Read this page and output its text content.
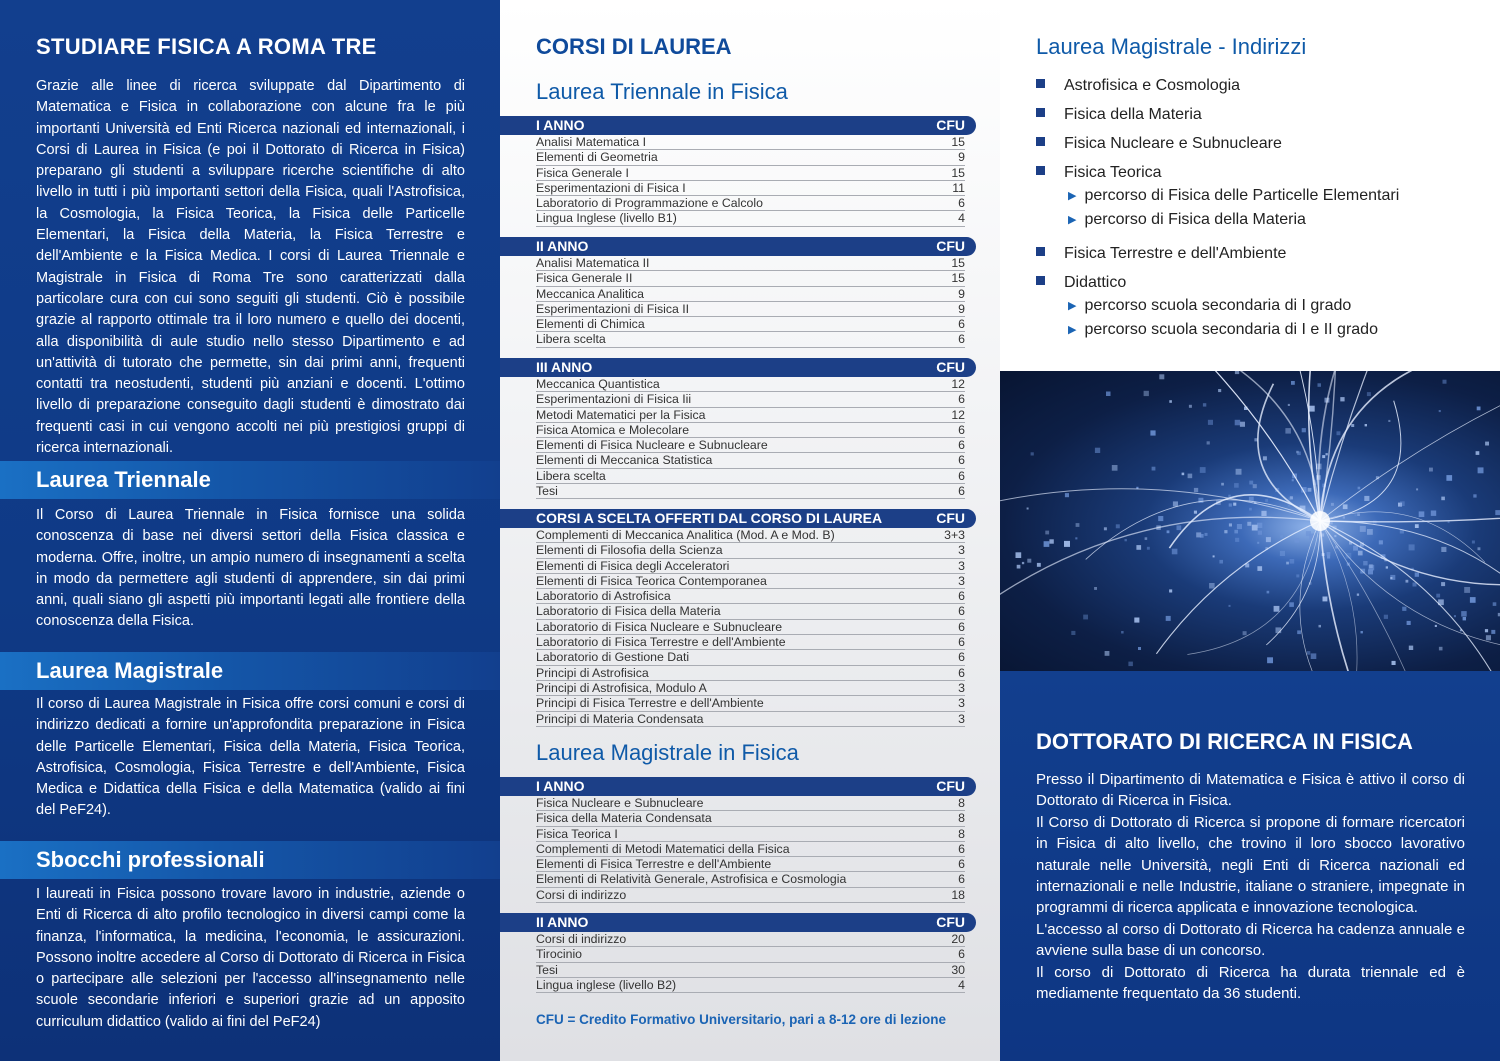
STUDIARE FISICA A ROMA TRE

Grazie alle linee di ricerca sviluppate dal Dipartimento di Matematica e Fisica in collaborazione con alcune fra le più importanti Università ed Enti Ricerca nazionali ed internazionali, i Corsi di Laurea in Fisica (e poi il Dottorato di Ricerca in Fisica) preparano gli studenti a sviluppare ricerche scientifiche di alto livello in tutti i più importanti settori della Fisica, quali l'Astrofisica, la Cosmologia, la Fisica Teorica, la Fisica delle Particelle Elementari, la Fisica della Materia, la Fisica Terrestre e dell'Ambiente e la Fisica Medica. I corsi di Laurea Triennale e Magistrale in Fisica di Roma Tre sono caratterizzati dalla particolare cura con cui sono seguiti gli studenti. Ciò è possibile grazie al rapporto ottimale tra il loro numero e quello dei docenti, alla disponibilità di aule studio nello stesso Dipartimento e ad un'attività di tutorato che permette, sin dai primi anni, frequenti contatti tra neostudenti, studenti più anziani e docenti. L'ottimo livello di preparazione conseguito dagli studenti è dimostrato dai frequenti casi in cui vengono accolti nei più prestigiosi gruppi di ricerca internazionali.

Laurea Triennale

Il Corso di Laurea Triennale in Fisica fornisce una solida conoscenza di base nei diversi settori della Fisica classica e moderna. Offre, inoltre, un ampio numero di insegnamenti a scelta in modo da permettere agli studenti di apprendere, sin dai primi anni, quali siano gli aspetti più importanti legati alle frontiere della conoscenza della Fisica.

Laurea Magistrale

Il corso di Laurea Magistrale in Fisica offre corsi comuni e corsi di indirizzo dedicati a fornire un'approfondita preparazione in Fisica delle Particelle Elementari, Fisica della Materia, Fisica Teorica, Astrofisica, Cosmologia, Fisica Terrestre e dell'Ambiente, Fisica Medica e Didattica della Fisica e della Matematica (valido ai fini del PeF24).

Sbocchi professionali

I laureati in Fisica possono trovare lavoro in industrie, aziende o Enti di Ricerca di alto profilo tecnologico in diversi campi come la finanza, l'informatica, la medicina, l'economia, le assicurazioni. Possono inoltre accedere al Corso di Dottorato di Ricerca in Fisica o partecipare alle selezioni per l'accesso all'insegnamento nelle scuole secondarie inferiori e superiori grazie ad un apposito curriculum didattico (valido ai fini del PeF24)

CORSI DI LAUREA
Laurea Triennale in Fisica
I ANNO	CFU
Analisi Matematica I	15
Elementi di Geometria	9
Fisica Generale I	15
Esperimentazioni di Fisica I	11
Laboratorio di Programmazione e Calcolo	6
Lingua Inglese (livello B1)	4
II ANNO	CFU
Analisi Matematica II	15
Fisica Generale II	15
Meccanica Analitica	9
Esperimentazioni di Fisica II	9
Elementi di Chimica	6
Libera scelta	6
III ANNO	CFU
Meccanica Quantistica	12
Esperimentazioni di Fisica Iii	6
Metodi Matematici per la Fisica	12
Fisica Atomica e Molecolare	6
Elementi di Fisica Nucleare e Subnucleare	6
Elementi di Meccanica Statistica	6
Libera scelta	6
Tesi	6
CORSI A SCELTA OFFERTI DAL CORSO DI LAUREA	CFU
Complementi di Meccanica Analitica (Mod. A e Mod. B)	3+3
Elementi di Filosofia della Scienza	3
Elementi di Fisica degli Acceleratori	3
Elementi di Fisica Teorica Contemporanea	3
Laboratorio di Astrofisica	6
Laboratorio di Fisica della Materia	6
Laboratorio di Fisica Nucleare e Subnucleare	6
Laboratorio di Fisica Terrestre e dell'Ambiente	6
Laboratorio di Gestione Dati	6
Principi di Astrofisica	6
Principi di Astrofisica, Modulo A	3
Principi di Fisica Terrestre e dell'Ambiente	3
Principi di Materia Condensata	3
Laurea Magistrale in Fisica
I ANNO	CFU
Fisica Nucleare e Subnucleare	8
Fisica della Materia Condensata	8
Fisica Teorica I	8
Complementi di Metodi Matematici della Fisica	6
Elementi di Fisica Terrestre e dell'Ambiente	6
Elementi di Relatività Generale, Astrofisica e Cosmologia	6
Corsi di indirizzo	18
II ANNO	CFU
Corsi di indirizzo	20
Tirocinio	6
Tesi	30
Lingua inglese (livello B2)	4
CFU = Credito Formativo Universitario, pari a 8-12 ore di lezione
Laurea Magistrale - Indirizzi
Astrofisica e Cosmologia
Fisica della Materia
Fisica Nucleare e Subnucleare
Fisica Teorica
▶ percorso di Fisica delle Particelle Elementari
▶ percorso di Fisica della Materia
Fisica Terrestre e dell'Ambiente
Didattico
▶ percorso scuola secondaria di I grado
▶ percorso scuola secondaria di I e II grado
DOTTORATO DI RICERCA IN FISICA

Presso il Dipartimento di Matematica e Fisica è attivo il corso di Dottorato di Ricerca in Fisica.
Il Corso di Dottorato di Ricerca si propone di formare ricercatori in Fisica di alto livello, che trovino il loro sbocco lavorativo naturale nelle Università, negli Enti di Ricerca nazionali ed internazionali e nelle Industrie, italiane o straniere, impegnate in programmi di ricerca applicata e innovazione tecnologica.
L'accesso al corso di Dottorato di Ricerca ha cadenza annuale e avviene sulla base di un concorso.
Il corso di Dottorato di Ricerca ha durata triennale ed è mediamente frequentato da 36 studenti.
